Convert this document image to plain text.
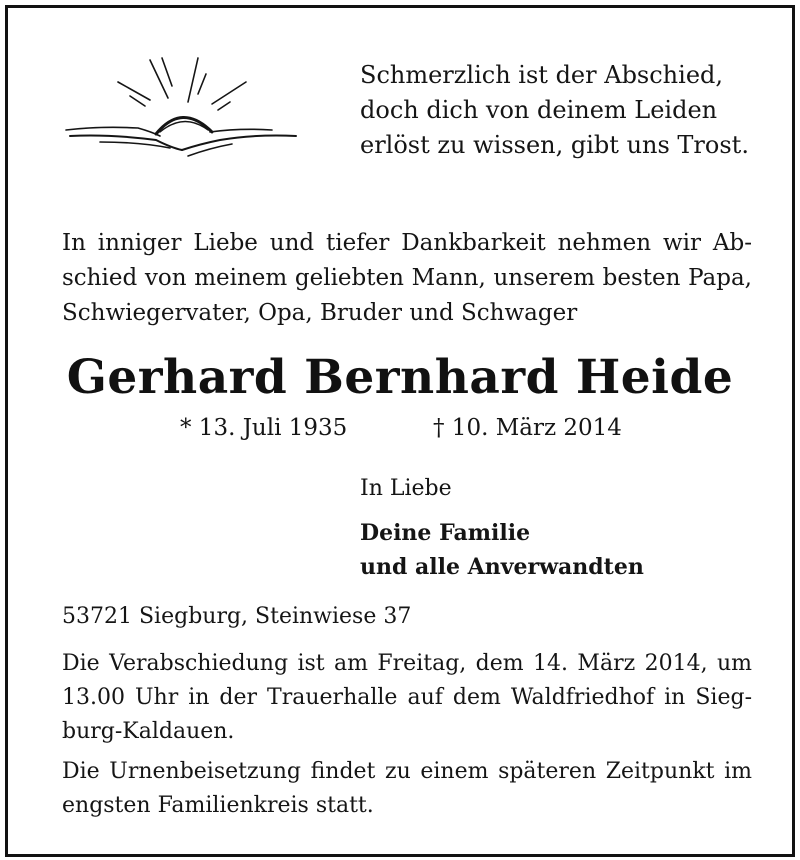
Schmerzlich ist der Abschied,
doch dich von deinem Leiden
erlöst zu wissen, gibt uns Trost.
In inniger Liebe und tiefer Dankbarkeit nehmen wir Ab-
schied von meinem geliebten Mann, unserem besten Papa,
Schwiegervater, Opa, Bruder und Schwager
Gerhard Bernhard Heide
* 13. Juli 1935	† 10. März 2014
In Liebe
Deine Familie
und alle Anverwandten
53721 Siegburg, Steinwiese 37
Die Verabschiedung ist am Freitag, dem 14. März 2014, um
13.00 Uhr in der Trauerhalle auf dem Waldfriedhof in Sieg-
burg-Kaldauen.
Die Urnenbeisetzung findet zu einem späteren Zeitpunkt im
engsten Familienkreis statt.
